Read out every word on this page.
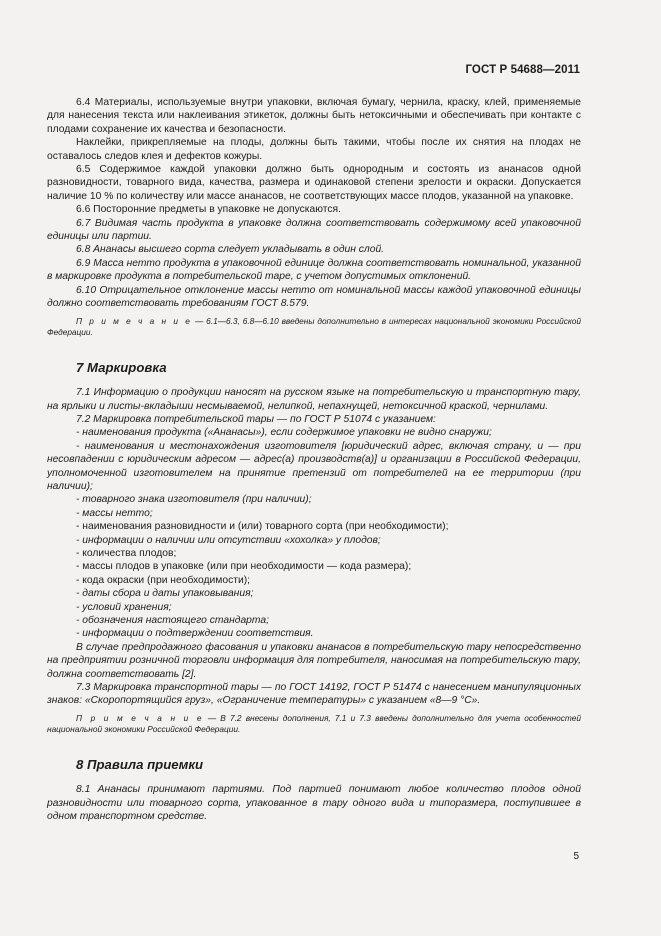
ГОСТ Р 54688—2011

6.4 Материалы, используемые внутри упаковки, включая бумагу, чернила, краску, клей, применяемые для нанесения текста или наклеивания этикеток, должны быть нетоксичными и обеспечивать при контакте с плодами сохранение их качества и безопасности.

Наклейки, прикрепляемые на плоды, должны быть такими, чтобы после их снятия на плодах не оставалось следов клея и дефектов кожуры.

6.5 Содержимое каждой упаковки должно быть однородным и состоять из ананасов одной разновидности, товарного вида, качества, размера и одинаковой степени зрелости и окраски. Допускается наличие 10 % по количеству или массе ананасов, не соответствующих массе плодов, указанной на упаковке.

6.6 Посторонние предметы в упаковке не допускаются.

6.7 Видимая часть продукта в упаковке должна соответствовать содержимому всей упаковочной единицы или партии.

6.8 Ананасы высшего сорта следует укладывать в один слой.

6.9 Масса нетто продукта в упаковочной единице должна соответствовать номинальной, указанной в маркировке продукта в потребительской таре, с учетом допустимых отклонений.

6.10 Отрицательное отклонение массы нетто от номинальной массы каждой упаковочной единицы должно соответствовать требованиям ГОСТ 8.579.

П р и м е ч а н и е — 6.1—6.3, 6.8—6.10 введены дополнительно в интересах национальной экономики Российской Федерации.

7 Маркировка

7.1 Информацию о продукции наносят на русском языке на потребительскую и транспортную тару, на ярлыки и листы-вкладыши несмываемой, нелипкой, непахнущей, нетоксичной краской, чернилами.

7.2 Маркировка потребительской тары — по ГОСТ Р 51074 с указанием:

- наименования продукта («Ананасы»), если содержимое упаковки не видно снаружи;

- наименования и местонахождения изготовителя [юридический адрес, включая страну, и — при несовпадении с юридическим адресом — адрес(а) производств(а)] и организации в Российской Федерации, уполномоченной изготовителем на принятие претензий от потребителей на ее территории (при наличии);

- товарного знака изготовителя (при наличии);

- массы нетто;

- наименования разновидности и (или) товарного сорта (при необходимости);

- информации о наличии или отсутствии «хохолка» у плодов;

- количества плодов;

- массы плодов в упаковке (или при необходимости — кода размера);

- кода окраски (при необходимости);

- даты сбора и даты упаковывания;

- условий хранения;

- обозначения настоящего стандарта;

- информации о подтверждении соответствия.

В случае предпродажного фасования и упаковки ананасов в потребительскую тару непосредственно на предприятии розничной торговли информация для потребителя, наносимая на потребительскую тару, должна соответствовать [2].

7.3 Маркировка транспортной тары — по ГОСТ 14192, ГОСТ Р 51474 с нанесением манипуляционных знаков: «Скоропортящийся груз», «Ограничение температуры» с указанием «8—9 °С».

П р и м е ч а н и е — В 7.2 внесены дополнения, 7.1 и 7.3 введены дополнительно для учета особенностей национальной экономики Российской Федерации.

8 Правила приемки

8.1 Ананасы принимают партиями. Под партией понимают любое количество плодов одной разновидности или товарного сорта, упакованное в тару одного вида и типоразмера, поступившее в одном транспортном средстве.

5
